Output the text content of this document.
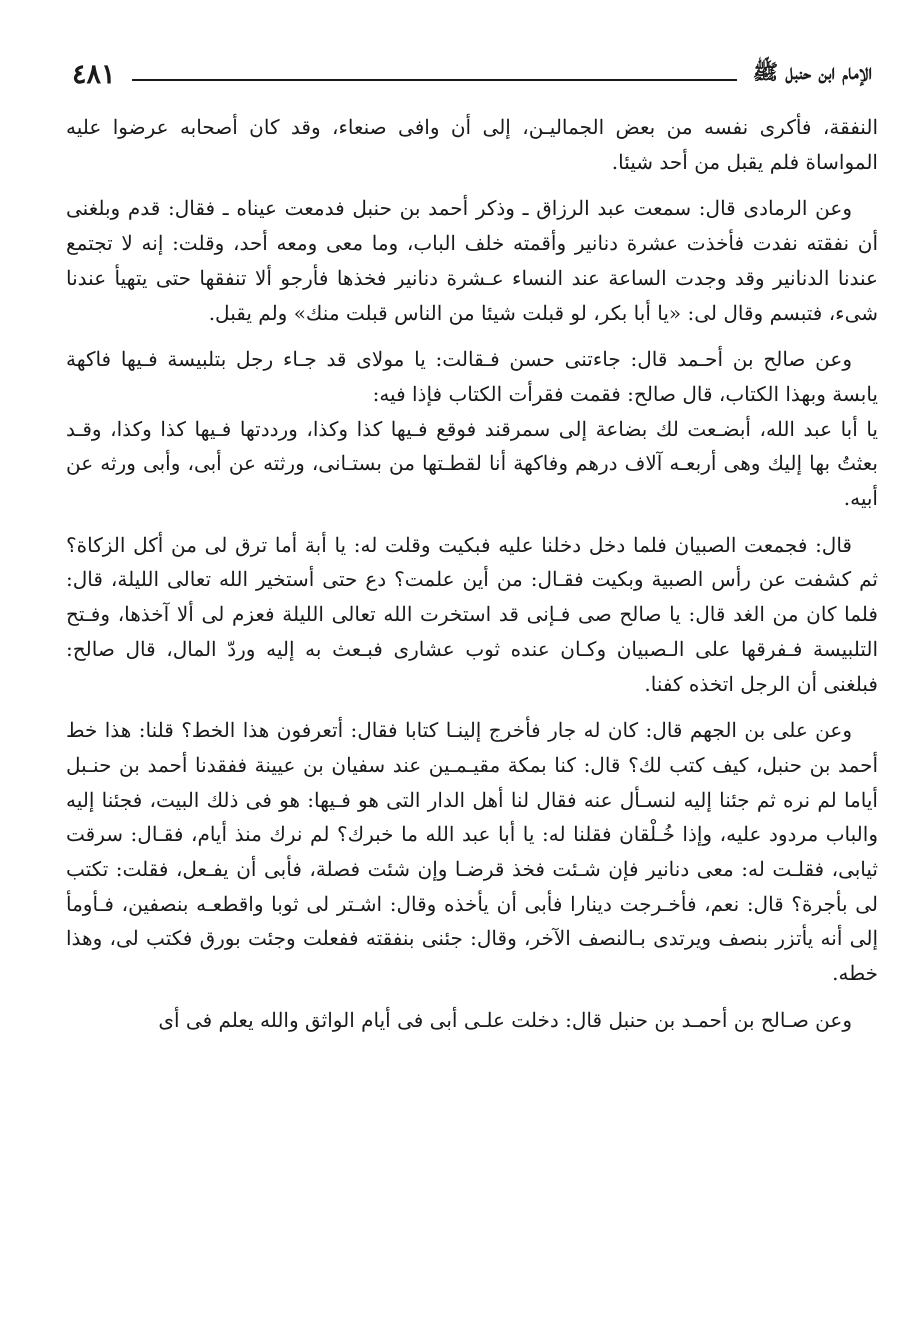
الإمام ابن حنبل ﷺ
٤٨١

النفقة، فأكرى نفسه من بعض الجماليـن، إلى أن وافى صنعاء، وقد كان أصحابه عرضوا عليه المواساة فلم يقبل من أحد شيئا.

وعن الرمادى قال: سمعت عبد الرزاق ـ وذكر أحمد بن حنبل فدمعت عيناه ـ فقال: قدم وبلغنى أن نفقته نفدت فأخذت عشرة دنانير وأقمته خلف الباب، وما معى ومعه أحد، وقلت: إنه لا تجتمع عندنا الدنانير وقد وجدت الساعة عند النساء عـشرة دنانير فخذها فأرجو ألا تنفقها حتى يتهيأ عندنا شىء، فتبسم وقال لى: «يا أبا بكر، لو قبلت شيئا من الناس قبلت منك» ولم يقبل.

وعن صالح بن أحـمد قال: جاءتنى حسن فـقالت: يا مولاى قد جـاء رجل بتلبيسة فـيها فاكهة يابسة وبهذا الكتاب، قال صالح: فقمت فقرأت الكتاب فإذا فيه:

يا أبا عبد الله، أبضـعت لك بضاعة إلى سمرقند فوقع فـيها كذا وكذا، ورددتها فـيها كذا وكذا، وقـد بعثتُ بها إليك وهى أربعـه آلاف درهم وفاكهة أنا لقطـتها من بستـانى، ورثته عن أبى، وأبى ورثه عن أبيه.

قال: فجمعت الصبيان فلما دخل دخلنا عليه فبكيت وقلت له: يا أبة أما ترق لى من أكل الزكاة؟ ثم كشفت عن رأس الصبية وبكيت فقـال: من أين علمت؟ دع حتى أستخير الله تعالى الليلة، قال: فلما كان من الغد قال: يا صالح صى فـإنى قد استخرت الله تعالى الليلة فعزم لى ألا آخذها، وفـتح التلبيسة فـفرقها على الـصبيان وكـان عنده ثوب عشارى فبـعث به إليه وردّ المال، قال صالح: فبلغنى أن الرجل اتخذه كفنا.

وعن على بن الجهم قال: كان له جار فأخرج إلينـا كتابا فقال: أتعرفون هذا الخط؟ قلنا: هذا خط أحمد بن حنبل، كيف كتب لك؟ قال: كنا بمكة مقيـمـين عند سفيان بن عيينة ففقدنا أحمد بن حنـبل أياما لم نره ثم جئنا إليه لنسـأل عنه فقال لنا أهل الدار التى هو فـيها: هو فى ذلك البيت، فجئنا إليه والباب مردود عليه، وإذا خُـلْقان فقلنا له: يا أبا عبد الله ما خبرك؟ لم نرك منذ أيام، فقـال: سرقت ثيابى، فقلـت له: معى دنانير فإن شـئت فخذ قرضـا وإن شئت فصلة، فأبى أن يفـعل، فقلت: تكتب لى بأجرة؟ قال: نعم، فأخـرجت دينارا فأبى أن يأخذه وقال: اشـتر لى ثوبا واقطعـه بنصفين، فـأومأ إلى أنه يأتزر بنصف ويرتدى بـالنصف الآخر، وقال: جئنى بنفقته ففعلت وجئت بورق فكتب لى، وهذا خطه.

وعن صـالح بن أحمـد بن حنبل قال: دخلت علـى أبى فى أيام الواثق والله يعلم فى أى
